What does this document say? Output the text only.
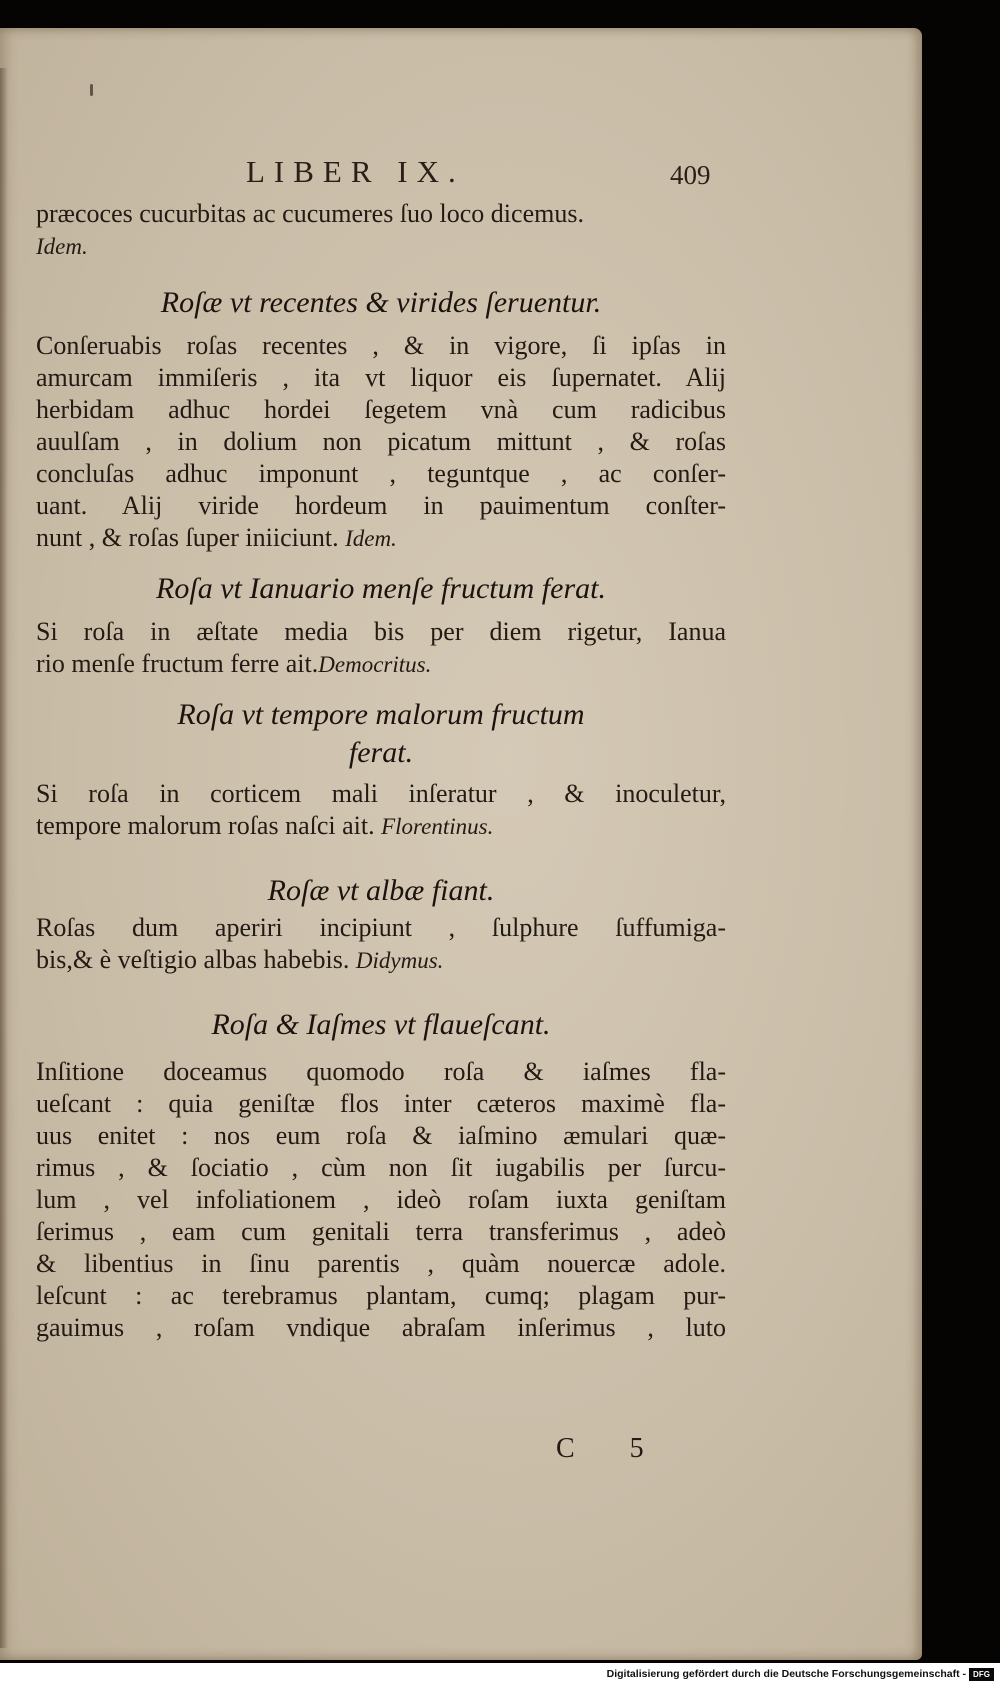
LIBER IX.	409
præcoces cucurbitas ac cucumeres ſuo loco dicemus.
Idem.
Roſæ vt recentes & virides ſeruentur.
Conſeruabis roſas recentes , & in vigore, ſi ipſas in
amurcam immiſeris , ita vt liquor eis ſupernatet. Alij
herbidam adhuc hordei ſegetem vnà cum radicibus
auulſam , in dolium non picatum mittunt , & roſas
concluſas adhuc imponunt , teguntque , ac conſer-
uant. Alij viride hordeum in pauimentum conſter-
nunt , & roſas ſuper iniiciunt. Idem.
Roſa vt Ianuario menſe fructum ferat.
Si roſa in æſtate media bis per diem rigetur, Ianua
rio menſe fructum ferre ait.Democritus.
Roſa vt tempore malorum fructum
ferat.
Si roſa in corticem mali inſeratur , & inoculetur,
tempore malorum roſas naſci ait. Florentinus.
Roſæ vt albæ fiant.
Roſas dum aperiri incipiunt , ſulphure ſuffumiga-
bis,& è veſtigio albas habebis. Didymus.
Roſa & Iaſmes vt flaueſcant.
Inſitione doceamus quomodo roſa & iaſmes fla-
ueſcant : quia geniſtæ flos inter cæteros maximè fla-
uus enitet : nos eum roſa & iaſmino æmulari quæ-
rimus , & ſociatio , cùm non ſit iugabilis per ſurcu-
lum , vel infoliationem , ideò roſam iuxta geniſtam
ſerimus , eam cum genitali terra transferimus , adeò
& libentius in ſinu parentis , quàm nouercæ adole.
leſcunt : ac terebramus plantam, cumq; plagam pur-
gauimus , roſam vndique abraſam inſerimus , luto
C 5
Digitalisierung gefördert durch die Deutsche Forschungsgemeinschaft - DFG
